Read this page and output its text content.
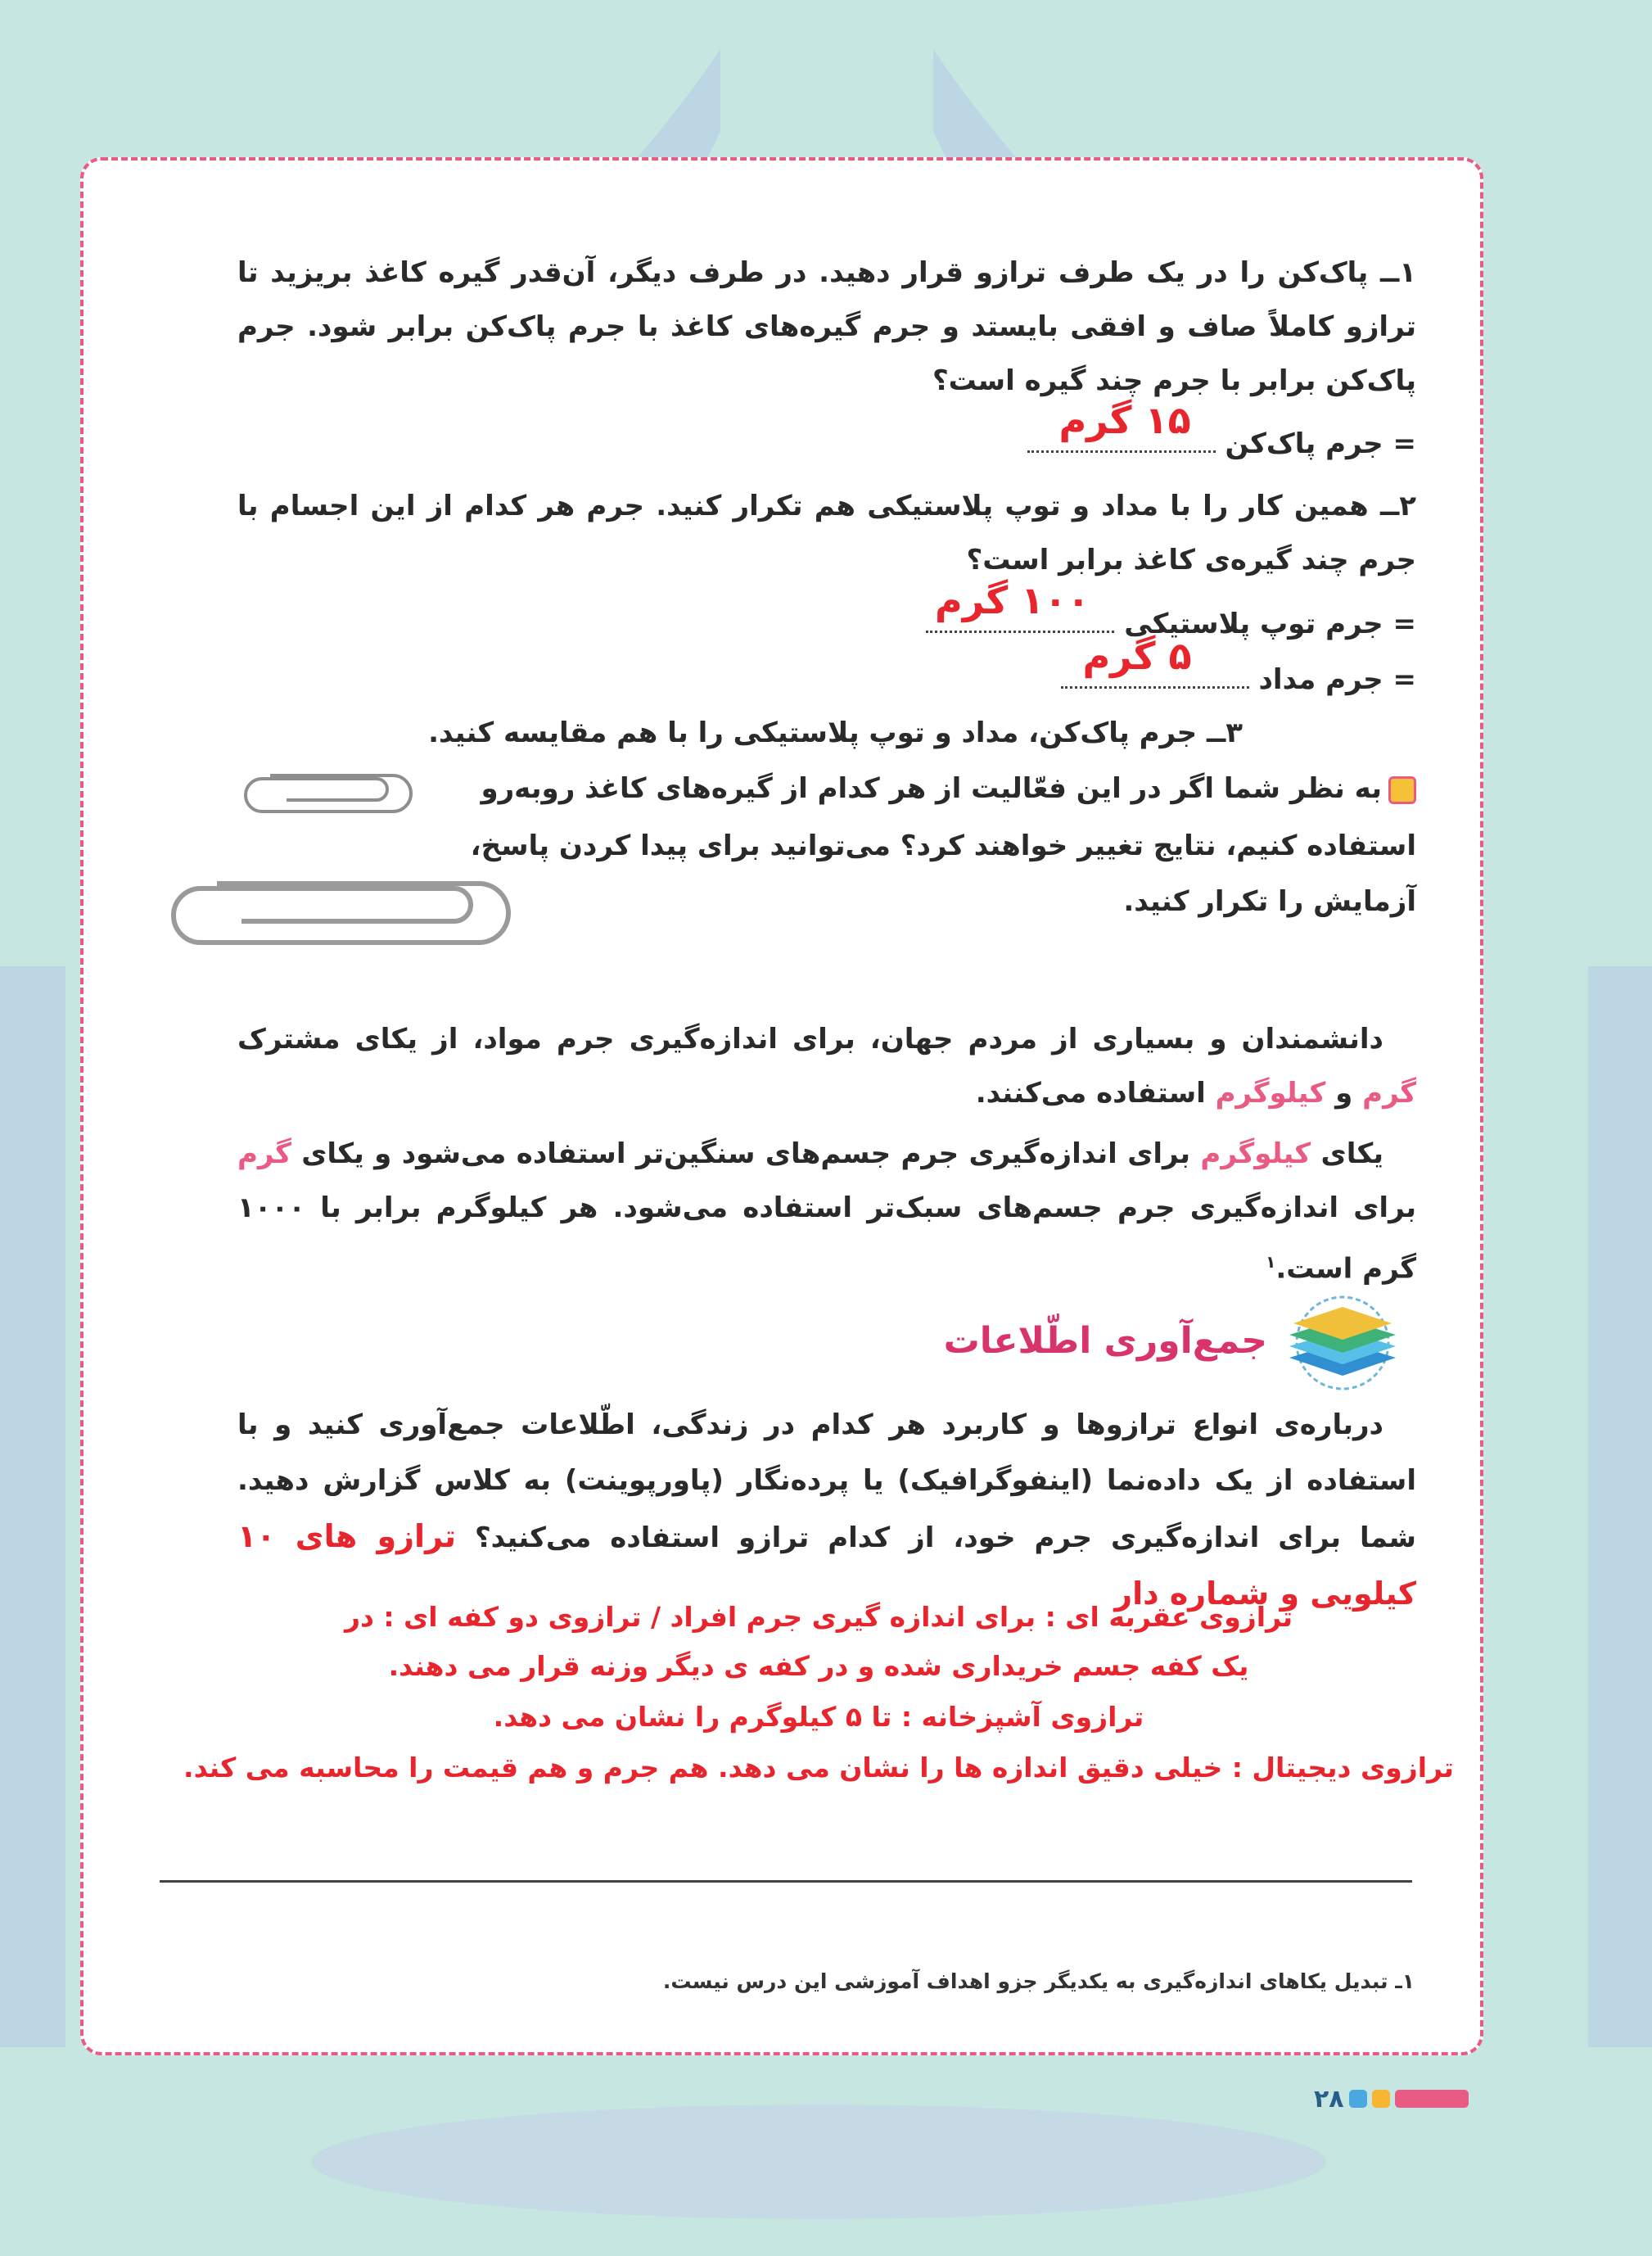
۱ــ پاک‌کن را در یک طرف ترازو قرار دهید. در طرف دیگر، آن‌قدر گیره کاغذ بریزید تا ترازو کاملاً صاف و افقی بایستد و جرم گیره‌های کاغذ با جرم پاک‌کن برابر شود. جرم پاک‌کن برابر با جرم چند گیره است؟
= جرم پاک‌کن
۱۵ گرم
۲ــ همین کار را با مداد و توپ پلاستیکی هم تکرار کنید. جرم هر کدام از این اجسام با جرم چند گیره‌ی کاغذ برابر است؟
= جرم توپ پلاستیکی
۱۰۰ گرم
= جرم مداد
۵ گرم
۳ــ جرم پاک‌کن، مداد و توپ پلاستیکی را با هم مقایسه کنید.
به نظر شما اگر در این فعّالیت از هر کدام از گیره‌های کاغذ روبه‌رو
استفاده کنیم، نتایج تغییر خواهند کرد؟ می‌توانید برای پیدا کردن پاسخ،
آزمایش را تکرار کنید.
دانشمندان و بسیاری از مردم جهان، برای اندازه‌گیری جرم مواد، از یکای مشترک گرم و کیلوگرم استفاده می‌کنند.
یکای کیلوگرم برای اندازه‌گیری جرم جسم‌های سنگین‌تر استفاده می‌شود و یکای گرم برای اندازه‌گیری جرم جسم‌های سبک‌تر استفاده می‌شود. هر کیلوگرم برابر با ۱۰۰۰ گرم است.$^۱$
جمع‌آوری اطّلاعات
درباره‌ی انواع ترازوها و کاربرد هر کدام در زندگی، اطّلاعات جمع‌آوری کنید و با استفاده از یک داده‌نما (اینفوگرافیک) یا پرده‌نگار (پاورپوینت) به کلاس گزارش دهید. شما برای اندازه‌گیری جرم خود، از کدام ترازو استفاده می‌کنید؟ ترازو های ۱۰ کیلویی و شماره دار
ترازوی عقربه ای : برای اندازه گیری جرم افراد / ترازوی دو کفه ای : در
یک کفه جسم خریداری شده و در کفه ی دیگر وزنه قرار می دهند.
ترازوی آشپزخانه : تا ۵ کیلوگرم را نشان می دهد.
ترازوی دیجیتال : خیلی دقیق اندازه ها را نشان می دهد. هم جرم و هم قیمت را محاسبه می کند.
۱ـ تبدیل یکاهای اندازه‌گیری به یکدیگر جزو اهداف آموزشی این درس نیست.
۲۸
